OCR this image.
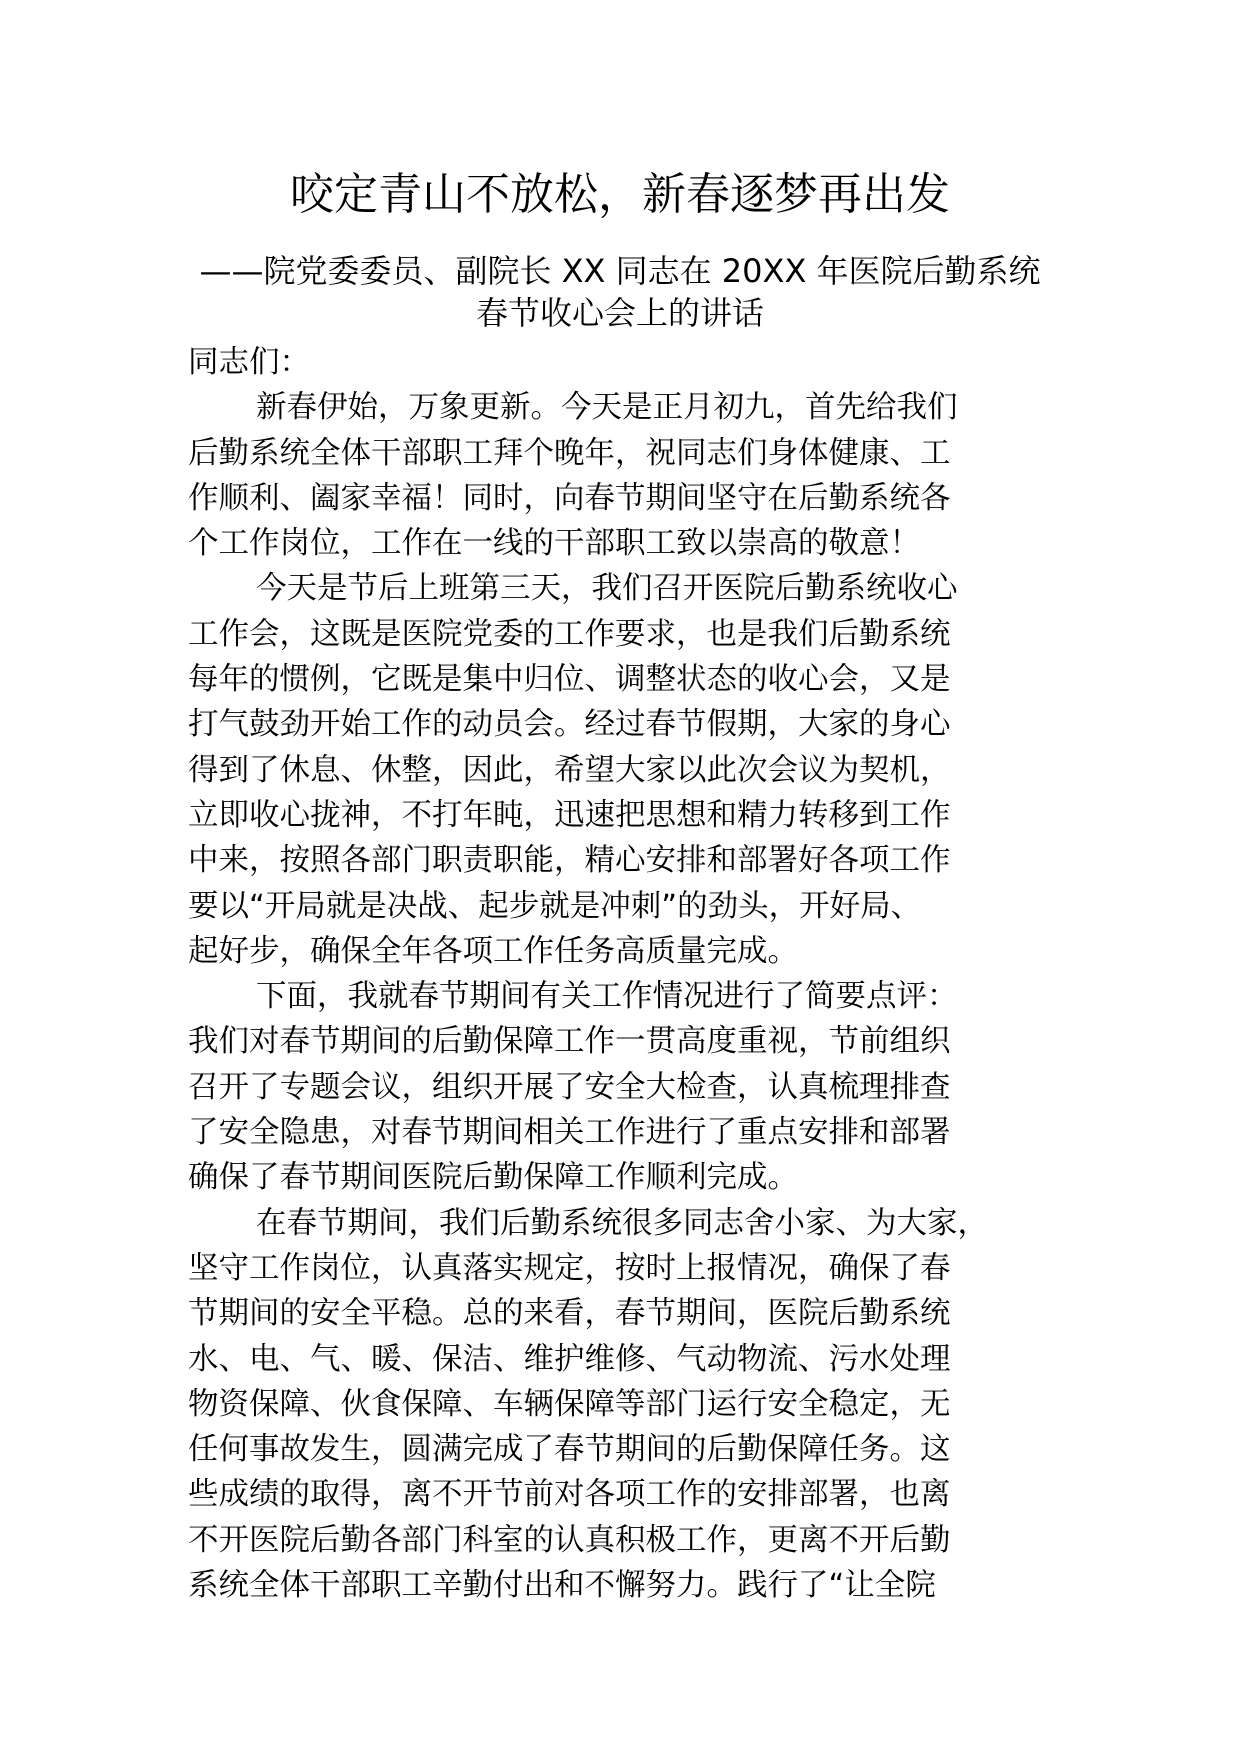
咬定青山不放松，新春逐梦再出发
——院党委委员、副院长 XX 同志在 20XX 年医院后勤系统
春节收心会上的讲话
同志们：
新春伊始，万象更新。今天是正月初九，首先给我们
后勤系统全体干部职工拜个晚年，祝同志们身体健康、工
作顺利、阖家幸福！同时，向春节期间坚守在后勤系统各
个工作岗位，工作在一线的干部职工致以崇高的敬意！
今天是节后上班第三天，我们召开医院后勤系统收心
工作会，这既是医院党委的工作要求，也是我们后勤系统
每年的惯例，它既是集中归位、调整状态的收心会，又是
打气鼓劲开始工作的动员会。经过春节假期，大家的身心
得到了休息、休整，因此，希望大家以此次会议为契机，
立即收心拢神，不打年盹，迅速把思想和精力转移到工作
中来，按照各部门职责职能，精心安排和部署好各项工作
要以“开局就是决战、起步就是冲刺”的劲头，开好局、
起好步，确保全年各项工作任务高质量完成。
下面，我就春节期间有关工作情况进行了简要点评：
我们对春节期间的后勤保障工作一贯高度重视，节前组织
召开了专题会议，组织开展了安全大检查，认真梳理排查
了安全隐患，对春节期间相关工作进行了重点安排和部署
确保了春节期间医院后勤保障工作顺利完成。
在春节期间，我们后勤系统很多同志舍小家、为大家，
坚守工作岗位，认真落实规定，按时上报情况，确保了春
节期间的安全平稳。总的来看，春节期间，医院后勤系统
水、电、气、暖、保洁、维护维修、气动物流、污水处理
物资保障、伙食保障、车辆保障等部门运行安全稳定，无
任何事故发生，圆满完成了春节期间的后勤保障任务。这
些成绩的取得，离不开节前对各项工作的安排部署，也离
不开医院后勤各部门科室的认真积极工作，更离不开后勤
系统全体干部职工辛勤付出和不懈努力。践行了“让全院
